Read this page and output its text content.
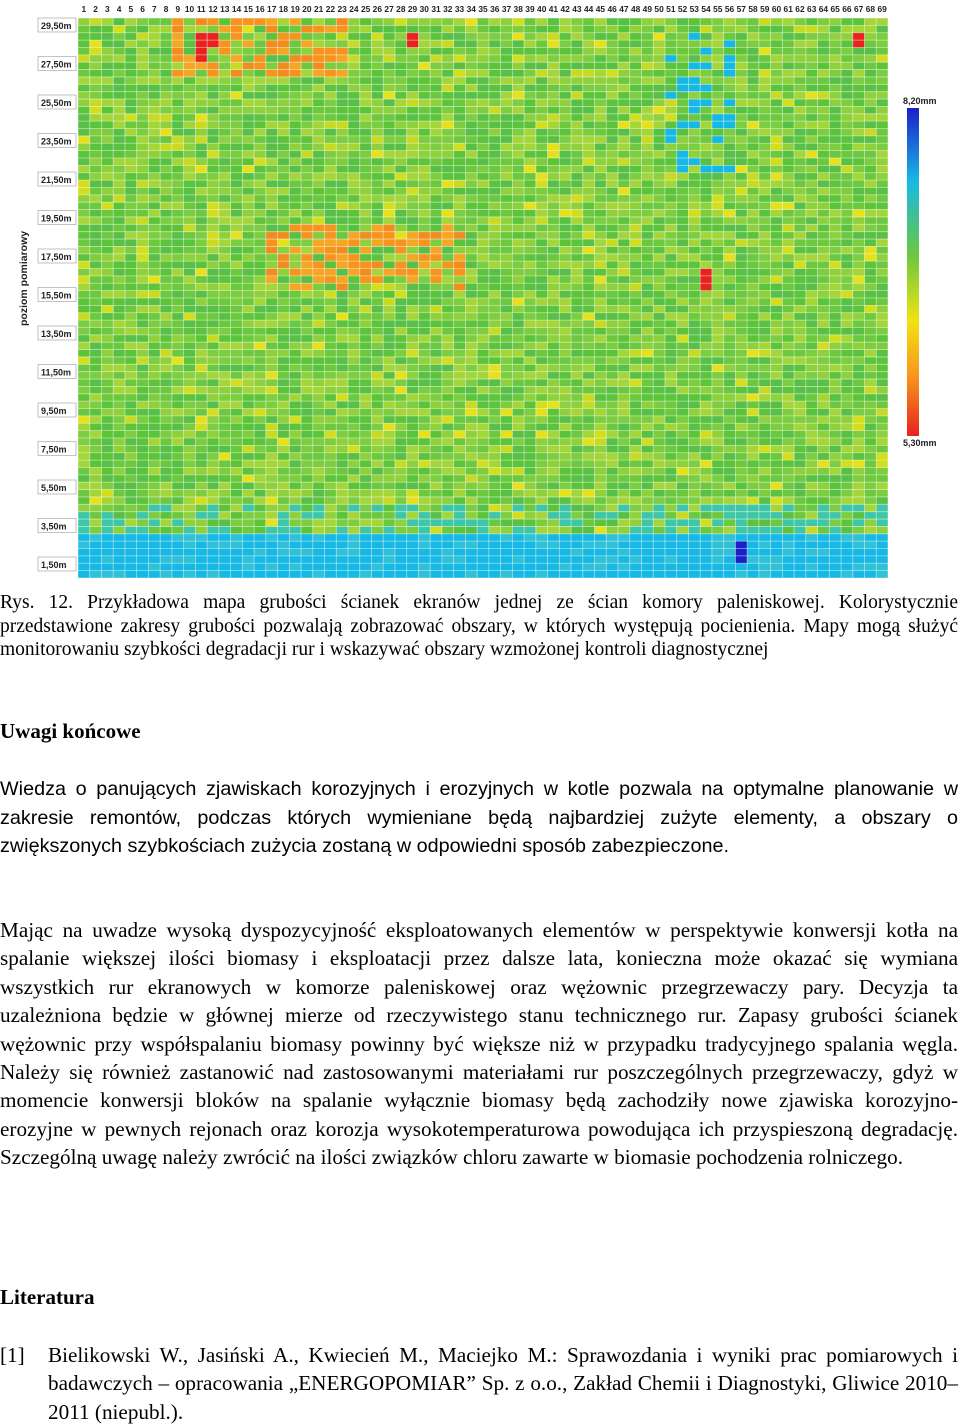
1 2 3 4 5 6 7 8 9 10 11 12 13 14 15 16 17 18 19 20 21 22 23 24 25 26 27 28 29 30 31 32 33 34 35 36 37 38 39 40 41 42 43 44 45 46 47 48 49 50 51 52 53 54 55 56 57 58 59 60 61 62 63 64 65 66 67 68 69
29,50m
27,50m
25,50m
23,50m
21,50m
19,50m
17,50m
15,50m
13,50m
11,50m
9,50m
7,50m
5,50m
3,50m
1,50m
poziom pomiarowy
8,20mm
5,30mm

Rys. 12. Przykładowa mapa grubości ścianek ekranów jednej ze ścian komory paleniskowej. Kolorystycznie przedstawione zakresy grubości pozwalają zobrazować obszary, w których występują pocienienia. Mapy mogą służyć monitorowaniu szybkości degradacji rur i wskazywać obszary wzmożonej kontroli diagnostycznej

Uwagi końcowe

Wiedza o panujących zjawiskach korozyjnych i erozyjnych w kotle pozwala na optymalne planowanie w zakresie remontów, podczas których wymieniane będą najbardziej zużyte elementy, a obszary o zwiększonych szybkościach zużycia zostaną w odpowiedni sposób zabezpieczone.

Mając na uwadze wysoką dyspozycyjność eksploatowanych elementów w perspektywie konwersji kotła na spalanie większej ilości biomasy i eksploatacji przez dalsze lata, konieczna może okazać się wymiana wszystkich rur ekranowych w komorze paleniskowej oraz wężownic przegrzewaczy pary. Decyzja ta uzależniona będzie w głównej mierze od rzeczywistego stanu technicznego rur. Zapasy grubości ścianek wężownic przy współspalaniu biomasy powinny być większe niż w przypadku tradycyjnego spalania węgla. Należy się również zastanowić nad zastosowanymi materiałami rur poszczególnych przegrzewaczy, gdyż w momencie konwersji bloków na spalanie wyłącznie biomasy będą zachodziły nowe zjawiska korozyjno-erozyjne w pewnych rejonach oraz korozja wysokotemperaturowa powodująca ich przyspieszoną degradację. Szczególną uwagę należy zwrócić na ilości związków chloru zawarte w biomasie pochodzenia rolniczego.

Literatura
[1] Bielikowski W., Jasiński A., Kwiecień M., Maciejko M.: Sprawozdania i wyniki prac pomiarowych i badawczych – opracowania „ENERGOPOMIAR” Sp. z o.o., Zakład Chemii i Diagnostyki, Gliwice 2010–2011 (niepubl.).
